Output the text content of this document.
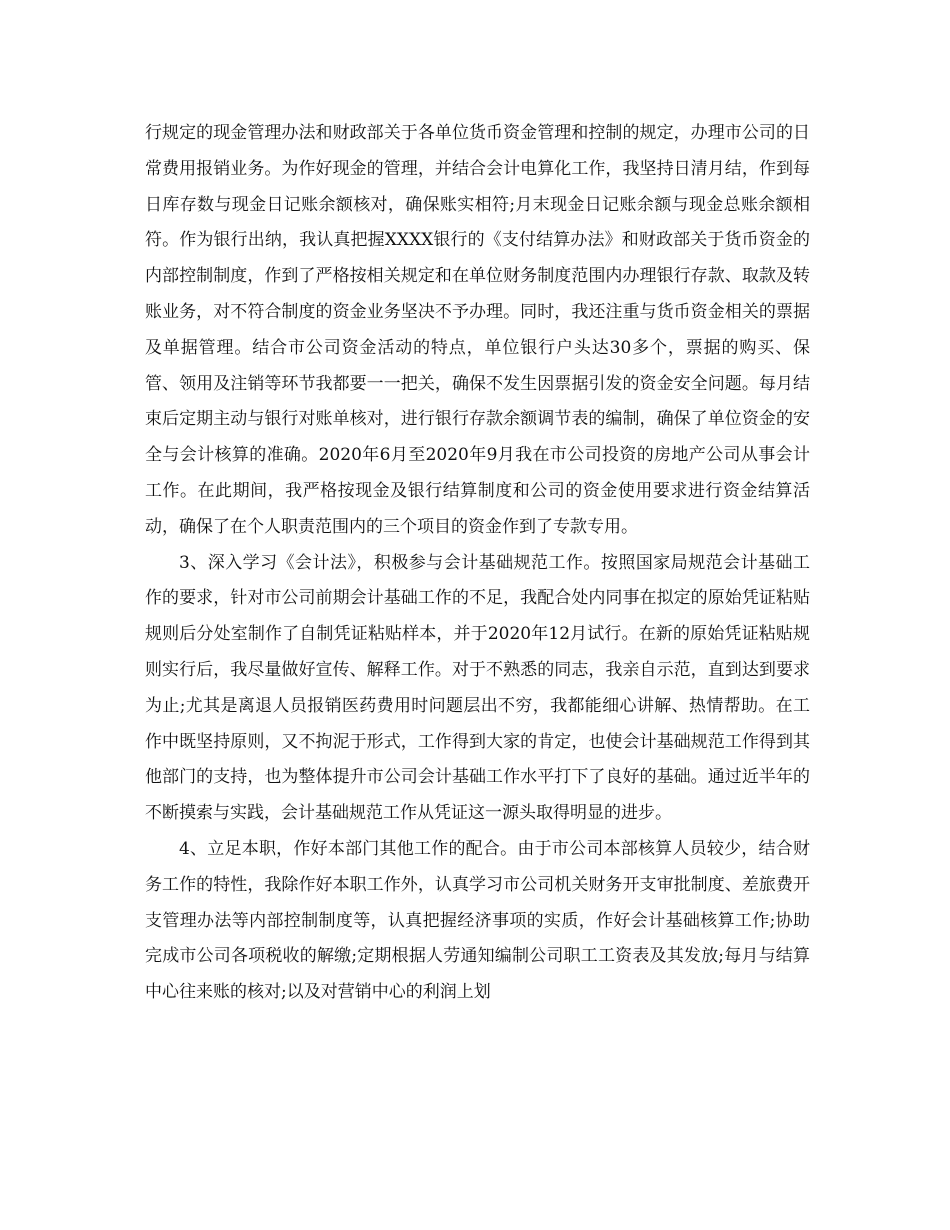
行规定的现金管理办法和财政部关于各单位货币资金管理和控制的规定，办理市公司的日常费用报销业务。为作好现金的管理，并结合会计电算化工作，我坚持日清月结，作到每日库存数与现金日记账余额核对，确保账实相符;月末现金日记账余额与现金总账余额相符。作为银行出纳，我认真把握XXXX银行的《支付结算办法》和财政部关于货币资金的内部控制制度，作到了严格按相关规定和在单位财务制度范围内办理银行存款、取款及转账业务，对不符合制度的资金业务坚决不予办理。同时，我还注重与货币资金相关的票据及单据管理。结合市公司资金活动的特点，单位银行户头达30多个，票据的购买、保管、领用及注销等环节我都要一一把关，确保不发生因票据引发的资金安全问题。每月结束后定期主动与银行对账单核对，进行银行存款余额调节表的编制，确保了单位资金的安全与会计核算的准确。2020年6月至2020年9月我在市公司投资的房地产公司从事会计工作。在此期间，我严格按现金及银行结算制度和公司的资金使用要求进行资金结算活动，确保了在个人职责范围内的三个项目的资金作到了专款专用。

3、深入学习《会计法》，积极参与会计基础规范工作。按照国家局规范会计基础工作的要求，针对市公司前期会计基础工作的不足，我配合处内同事在拟定的原始凭证粘贴规则后分处室制作了自制凭证粘贴样本，并于2020年12月试行。在新的原始凭证粘贴规则实行后，我尽量做好宣传、解释工作。对于不熟悉的同志，我亲自示范，直到达到要求为止;尤其是离退人员报销医药费用时问题层出不穷，我都能细心讲解、热情帮助。在工作中既坚持原则，又不拘泥于形式，工作得到大家的肯定，也使会计基础规范工作得到其他部门的支持，也为整体提升市公司会计基础工作水平打下了良好的基础。通过近半年的不断摸索与实践，会计基础规范工作从凭证这一源头取得明显的进步。

4、立足本职，作好本部门其他工作的配合。由于市公司本部核算人员较少，结合财务工作的特性，我除作好本职工作外，认真学习市公司机关财务开支审批制度、差旅费开支管理办法等内部控制制度等，认真把握经济事项的实质，作好会计基础核算工作;协助完成市公司各项税收的解缴;定期根据人劳通知编制公司职工工资表及其发放;每月与结算中心往来账的核对;以及对营销中心的利润上划
